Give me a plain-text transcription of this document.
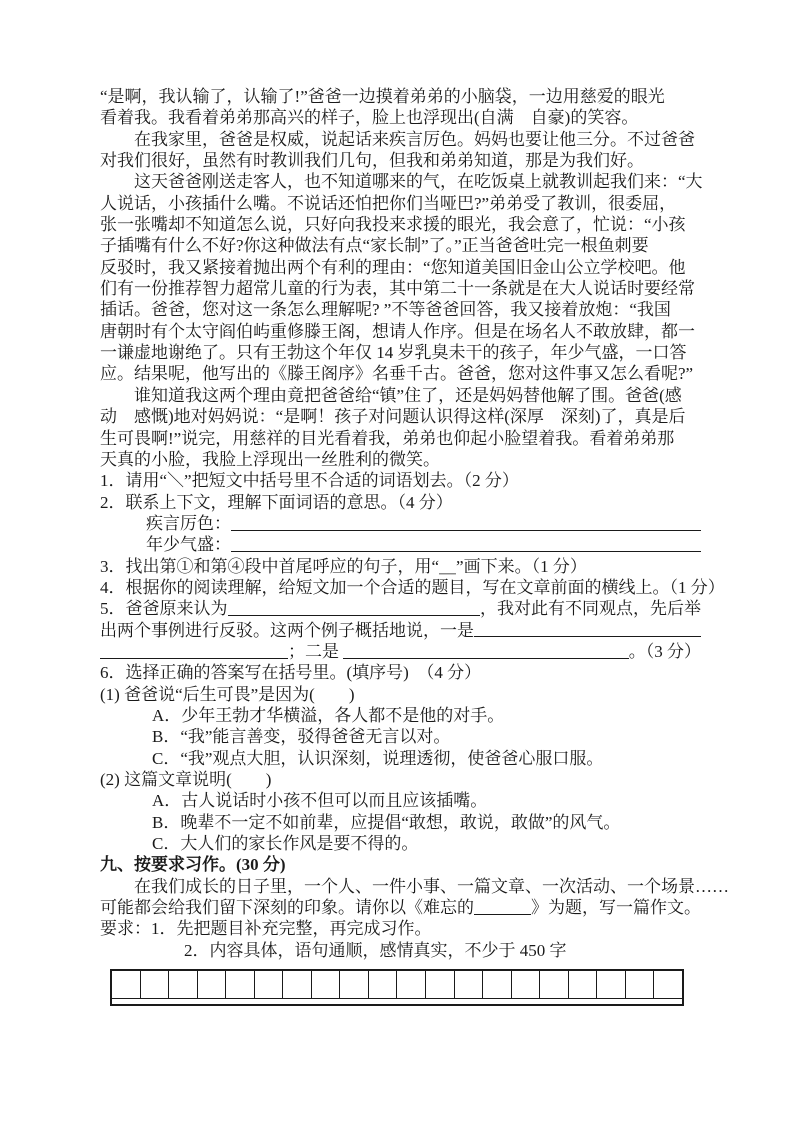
“是啊，我认输了，认输了!”爸爸一边摸着弟弟的小脑袋，一边用慈爱的眼光
看着我。我看着弟弟那高兴的样子，脸上也浮现出(自满　自豪)的笑容。
在我家里，爸爸是权威，说起话来疾言厉色。妈妈也要让他三分。不过爸爸
对我们很好，虽然有时教训我们几句，但我和弟弟知道，那是为我们好。
这天爸爸刚送走客人，也不知道哪来的气，在吃饭桌上就教训起我们来：“大
人说话，小孩插什么嘴。不说话还怕把你们当哑巴?”弟弟受了教训，很委屈，
张一张嘴却不知道怎么说，只好向我投来求援的眼光，我会意了，忙说：“小孩
子插嘴有什么不好?你这种做法有点“家长制”了。”正当爸爸吐完一根鱼刺要
反驳时，我又紧接着抛出两个有利的理由：“您知道美国旧金山公立学校吧。他
们有一份推荐智力超常儿童的行为表，其中第二十一条就是在大人说话时要经常
插话。爸爸，您对这一条怎么理解呢? ”不等爸爸回答，我又接着放炮：“我国
唐朝时有个太守阎伯屿重修滕王阁，想请人作序。但是在场名人不敢放肆，都一
一谦虚地谢绝了。只有王勃这个年仅 14 岁乳臭未干的孩子，年少气盛，一口答
应。结果呢，他写出的《滕王阁序》名垂千古。爸爸，您对这件事又怎么看呢?”
谁知道我这两个理由竟把爸爸给“镇”住了，还是妈妈替他解了围。爸爸(感
动　感慨)地对妈妈说：“是啊！孩子对问题认识得这样(深厚　深刻)了，真是后
生可畏啊!”说完，用慈祥的目光看着我，弟弟也仰起小脸望着我。看着弟弟那
天真的小脸，我脸上浮现出一丝胜利的微笑。
1．请用“＼”把短文中括号里不合适的词语划去。（2 分）
2．联系上下文，理解下面词语的意思。（4 分）
疾言厉色：
年少气盛：
3．找出第①和第④段中首尾呼应的句子，用“＿”画下来。（1 分）
4．根据你的阅读理解，给短文加一个合适的题目，写在文章前面的横线上。（1 分）
5．爸爸原来认为	，我对此有不同观点，先后举
出两个事例进行反驳。这两个例子概括地说，一是
；二是	。（3 分）
6．选择正确的答案写在括号里。(填序号)　（4 分）
(1) 爸爸说“后生可畏”是因为(　　)
A．少年王勃才华横溢，各人都不是他的对手。
B．“我”能言善变，驳得爸爸无言以对。
C．“我”观点大胆，认识深刻，说理透彻，使爸爸心服口服。
(2) 这篇文章说明(　　)
A．古人说话时小孩不但可以而且应该插嘴。
B．晚辈不一定不如前辈，应提倡“敢想，敢说，敢做”的风气。
C．大人们的家长作风是要不得的。
九、按要求习作。(30 分)
在我们成长的日子里，一个人、一件小事、一篇文章、一次活动、一个场景……
可能都会给我们留下深刻的印象。请你以《难忘的	》为题，写一篇作文。
要求：1．先把题目补充完整，再完成习作。
2．内容具体，语句通顺，感情真实，不少于 450 字
